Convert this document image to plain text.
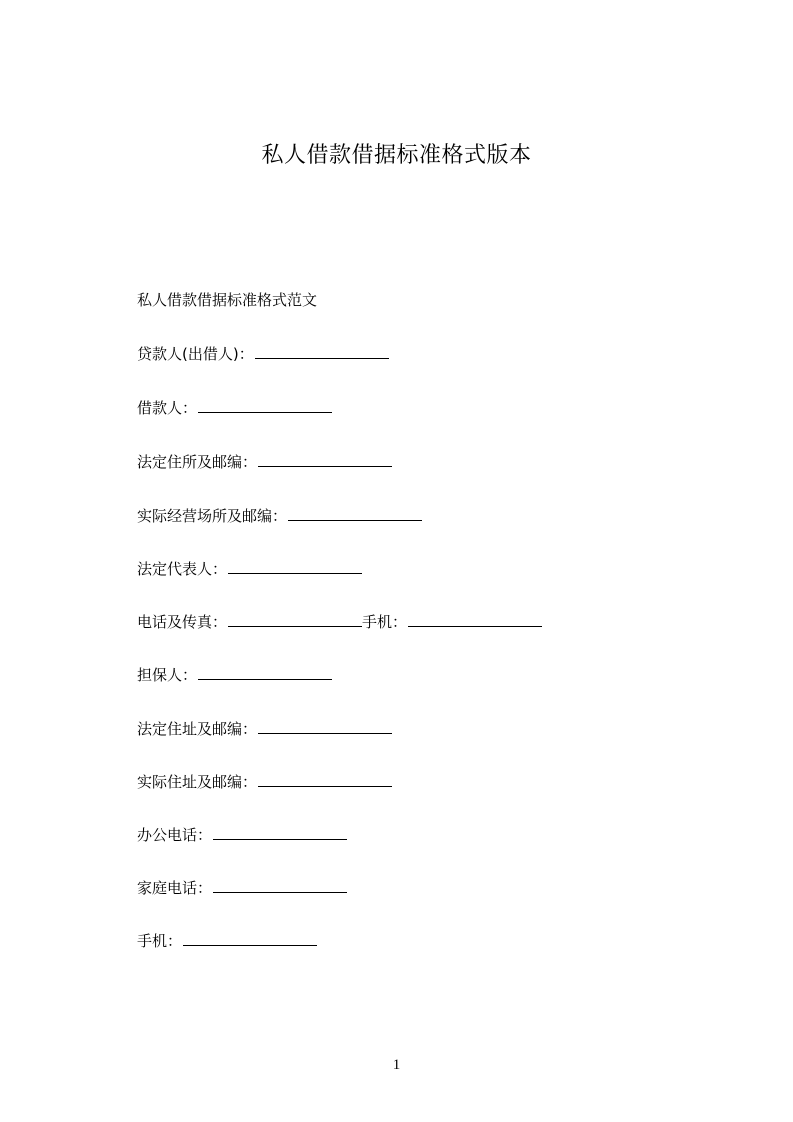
私人借款借据标准格式版本
私人借款借据标准格式范文
贷款人(出借人)：
借款人：
法定住所及邮编：
实际经营场所及邮编：
法定代表人：
电话及传真：	手机：
担保人：
法定住址及邮编：
实际住址及邮编：
办公电话：
家庭电话：
手机：
1
